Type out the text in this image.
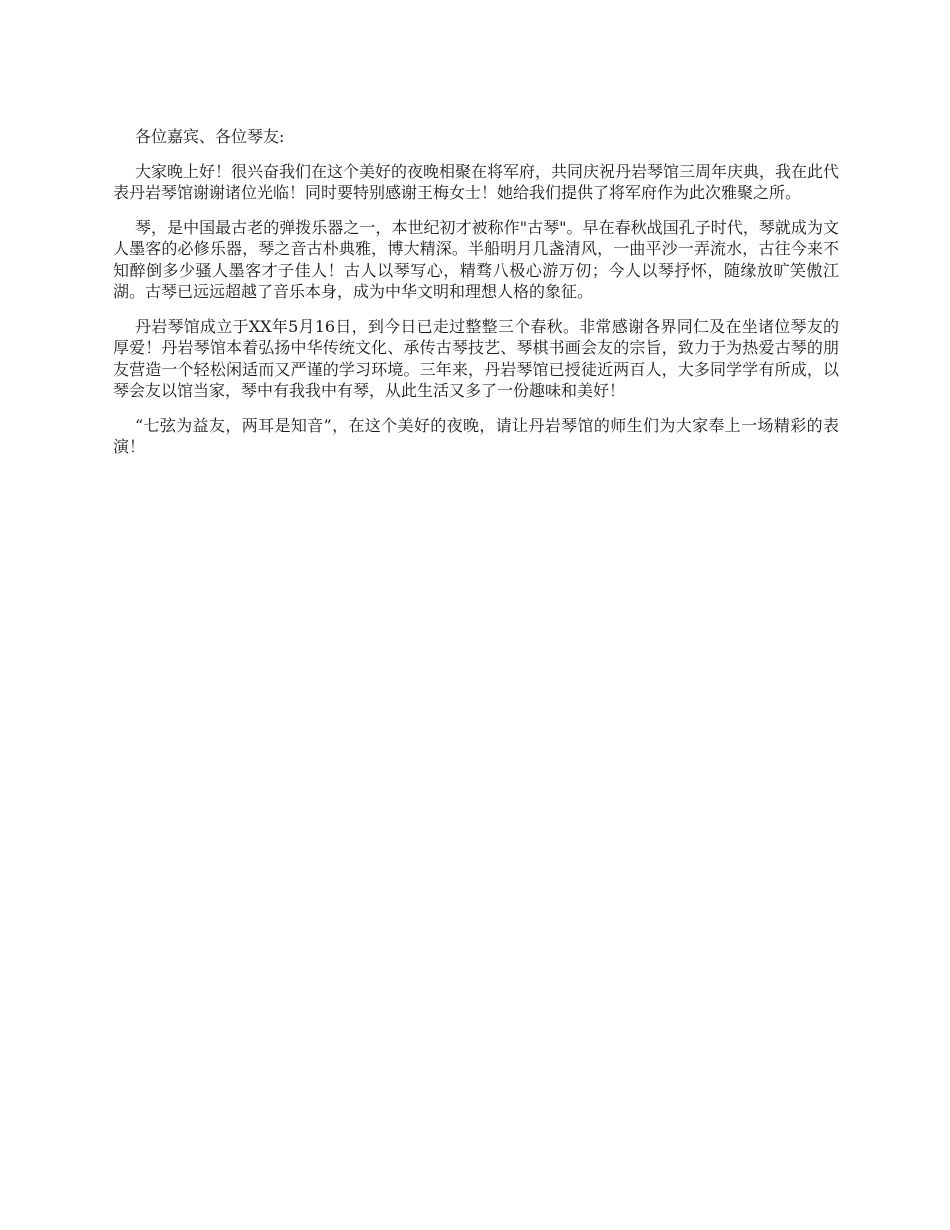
各位嘉宾、各位琴友:

大家晚上好！很兴奋我们在这个美好的夜晚相聚在将军府，共同庆祝丹岩琴馆三周年庆典，我在此代表丹岩琴馆谢谢诸位光临！同时要特别感谢王梅女士！她给我们提供了将军府作为此次雅聚之所。

琴，是中国最古老的弹拨乐器之一，本世纪初才被称作"古琴"。早在春秋战国孔子时代，琴就成为文人墨客的必修乐器，琴之音古朴典雅，博大精深。半船明月几盏清风，一曲平沙一弄流水，古往今来不知醉倒多少骚人墨客才子佳人！古人以琴写心，精骛八极心游万仞；今人以琴抒怀，随缘放旷笑傲江湖。古琴已远远超越了音乐本身，成为中华文明和理想人格的象征。

丹岩琴馆成立于XX年5月16日，到今日已走过整整三个春秋。非常感谢各界同仁及在坐诸位琴友的厚爱！丹岩琴馆本着弘扬中华传统文化、承传古琴技艺、琴棋书画会友的宗旨，致力于为热爱古琴的朋友营造一个轻松闲适而又严谨的学习环境。三年来，丹岩琴馆已授徒近两百人，大多同学学有所成，以琴会友以馆当家，琴中有我我中有琴，从此生活又多了一份趣味和美好！

“七弦为益友，两耳是知音”，在这个美好的夜晚，请让丹岩琴馆的师生们为大家奉上一场精彩的表演！
